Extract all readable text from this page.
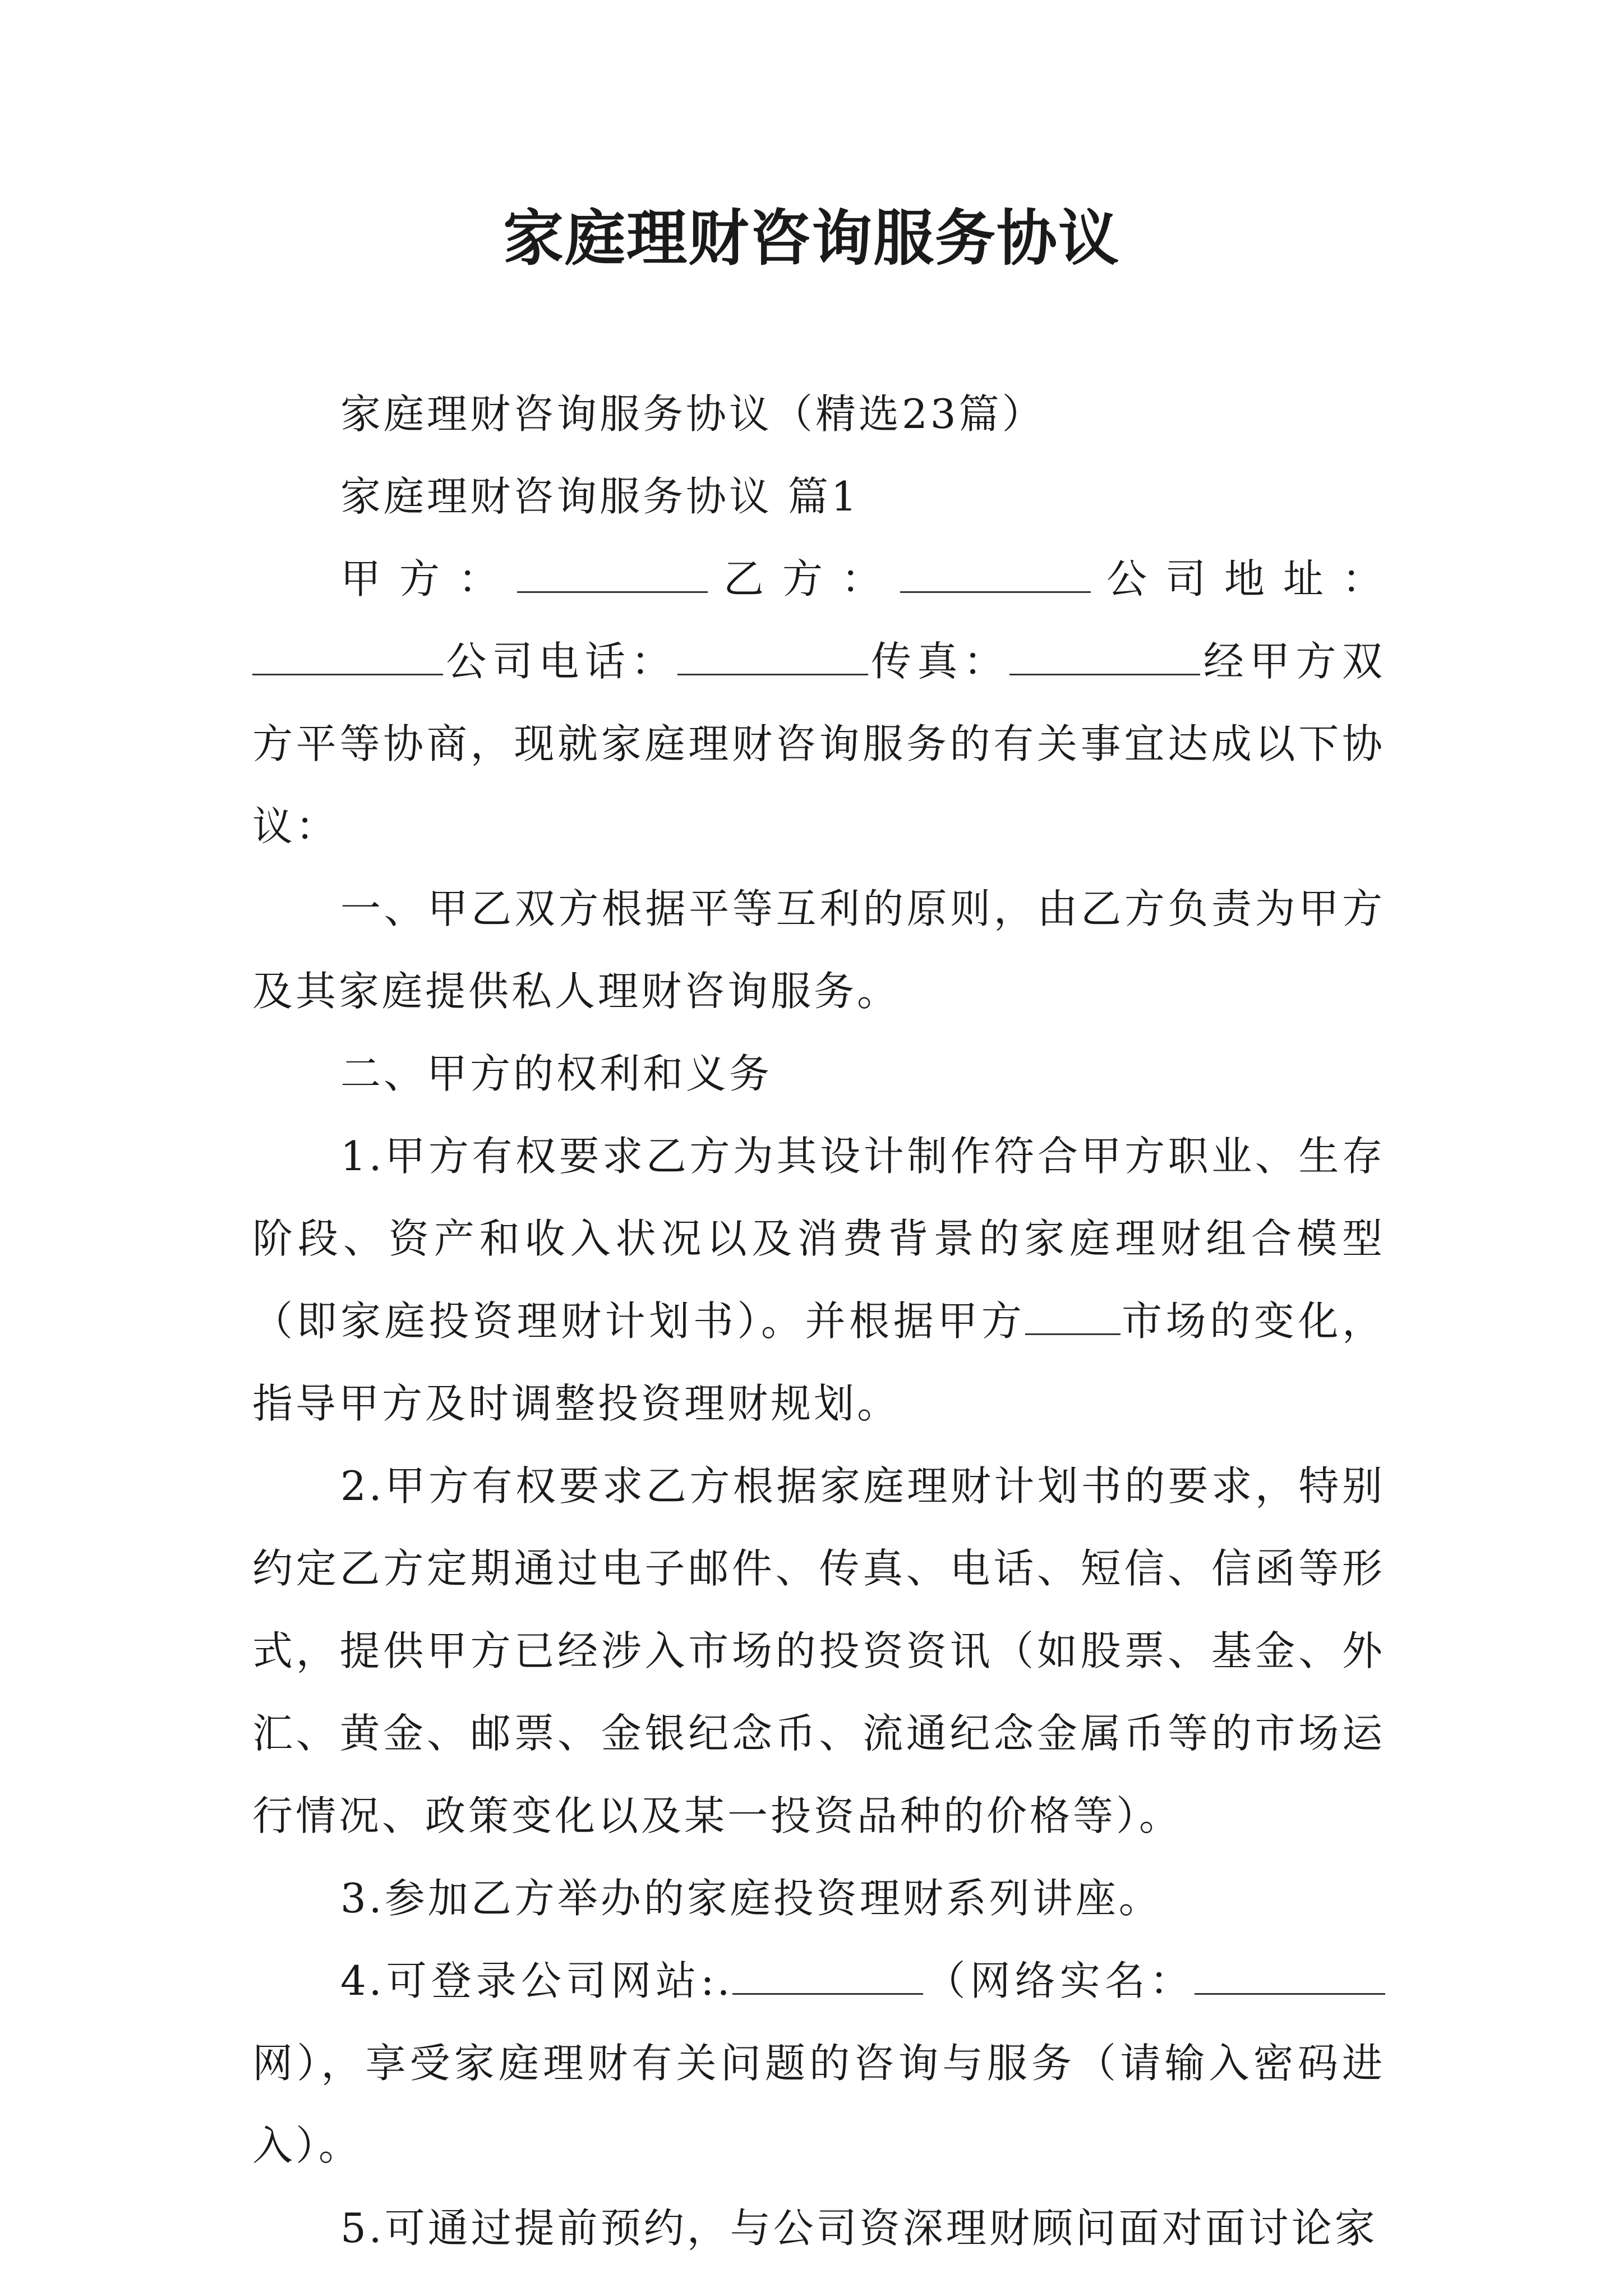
家庭理财咨询服务协议

家庭理财咨询服务协议（精选23篇）

家庭理财咨询服务协议 篇1

甲方：	乙方：	公司地址：公司电话：	传真：	经甲方双方平等协商，现就家庭理财咨询服务的有关事宜达成以下协议：

一、甲乙双方根据平等互利的原则，由乙方负责为甲方及其家庭提供私人理财咨询服务。

二、甲方的权利和义务

1.甲方有权要求乙方为其设计制作符合甲方职业、生存阶段、资产和收入状况以及消费背景的家庭理财组合模型（即家庭投资理财计划书）。并根据甲方 市场的变化，指导甲方及时调整投资理财规划。

2.甲方有权要求乙方根据家庭理财计划书的要求，特别约定乙方定期通过电子邮件、传真、电话、短信、信函等形式，提供甲方已经涉入市场的投资资讯（如股票、基金、外汇、黄金、邮票、金银纪念币、流通纪念金属币等的市场运行情况、政策变化以及某一投资品种的价格等）。

3.参加乙方举办的家庭投资理财系列讲座。

4.可登录公司网站:.	（网络实名：网），享受家庭理财有关问题的咨询与服务（请输入密码进入）。

5.可通过提前预约，与公司资深理财顾问面对面讨论家
